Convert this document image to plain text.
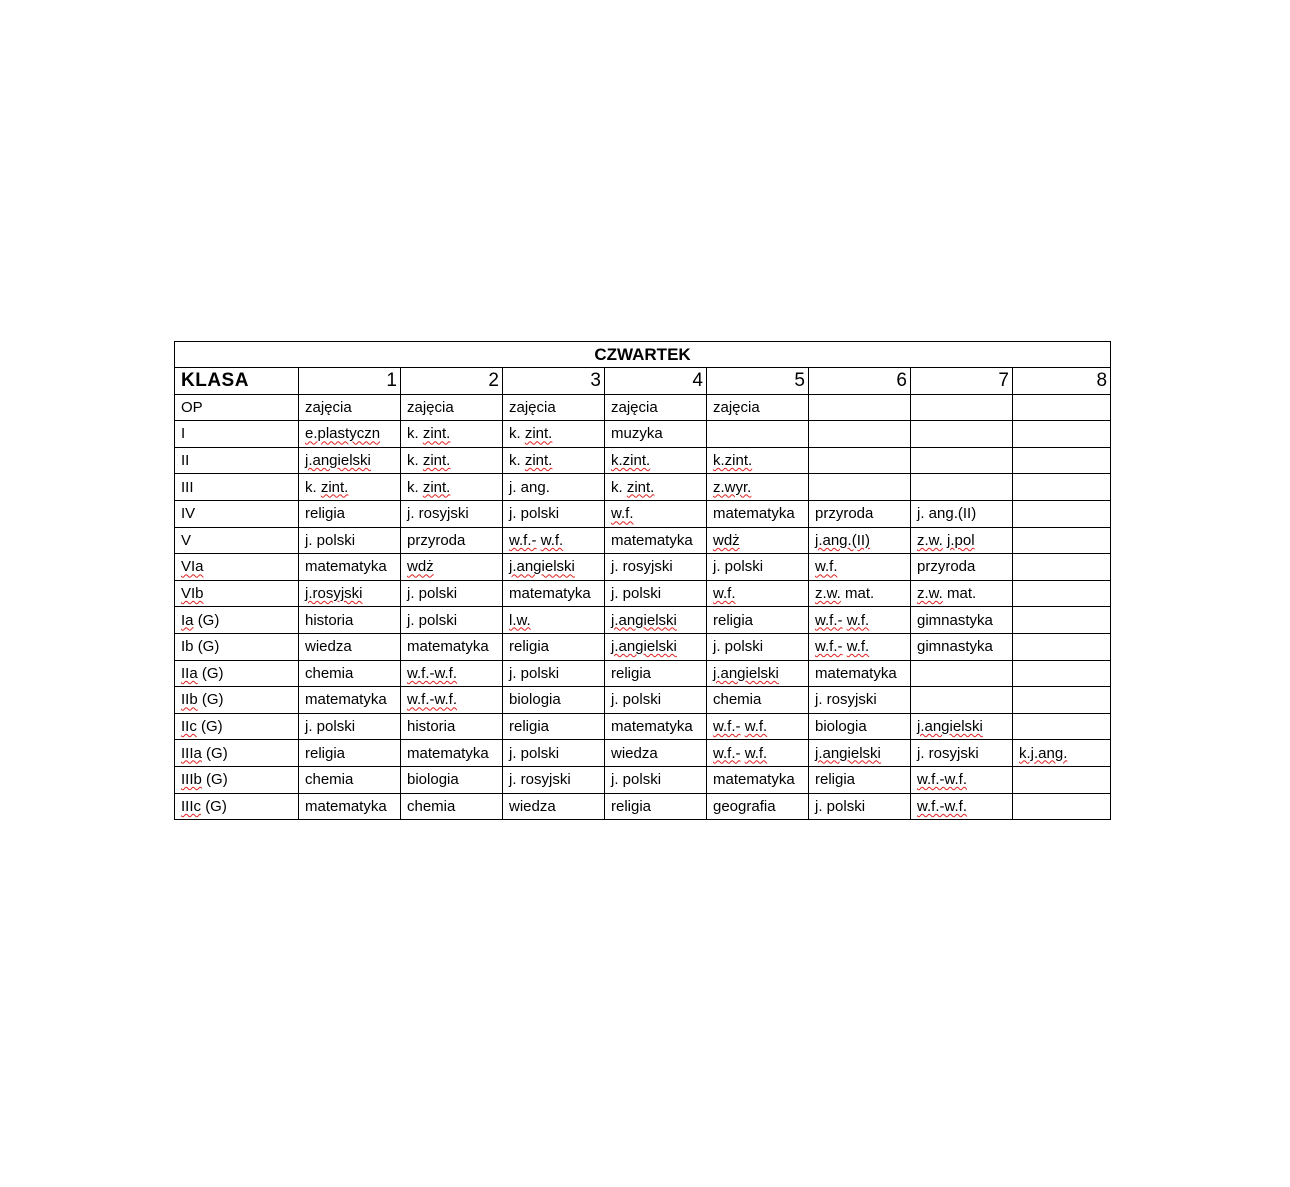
CZWARTEK								
KLASA	1	2	3	4	5	6	7	8
OP	zajęcia	zajęcia	zajęcia	zajęcia	zajęcia			
I	e.plastyczn	k. zint.	k. zint.	muzyka				
II	j.angielski	k. zint.	k. zint.	k.zint.	k.zint.			
III	k. zint.	k. zint.	j. ang.	k. zint.	z.wyr.			
IV	religia	j. rosyjski	j. polski	w.f.	matematyka	przyroda	j. ang.(II)	
V	j. polski	przyroda	w.f.- w.f.	matematyka	wdż	j.ang.(II)	z.w. j.pol	
VIa	matematyka	wdż	j.angielski	j. rosyjski	j. polski	w.f.	przyroda	
VIb	j.rosyjski	j. polski	matematyka	j. polski	w.f.	z.w. mat.	z.w. mat.	
Ia (G)	historia	j. polski	l.w.	j.angielski	religia	w.f.- w.f.	gimnastyka	
Ib (G)	wiedza	matematyka	religia	j.angielski	j. polski	w.f.- w.f.	gimnastyka	
IIa (G)	chemia	w.f.-w.f.	j. polski	religia	j.angielski	matematyka		
IIb (G)	matematyka	w.f.-w.f.	biologia	j. polski	chemia	j. rosyjski		
IIc (G)	j. polski	historia	religia	matematyka	w.f.- w.f.	biologia	j.angielski	
IIIa (G)	religia	matematyka	j. polski	wiedza	w.f.- w.f.	j.angielski	j. rosyjski	k.j.ang.
IIIb (G)	chemia	biologia	j. rosyjski	j. polski	matematyka	religia	w.f.-w.f.	
IIIc (G)	matematyka	chemia	wiedza	religia	geografia	j. polski	w.f.-w.f.	
